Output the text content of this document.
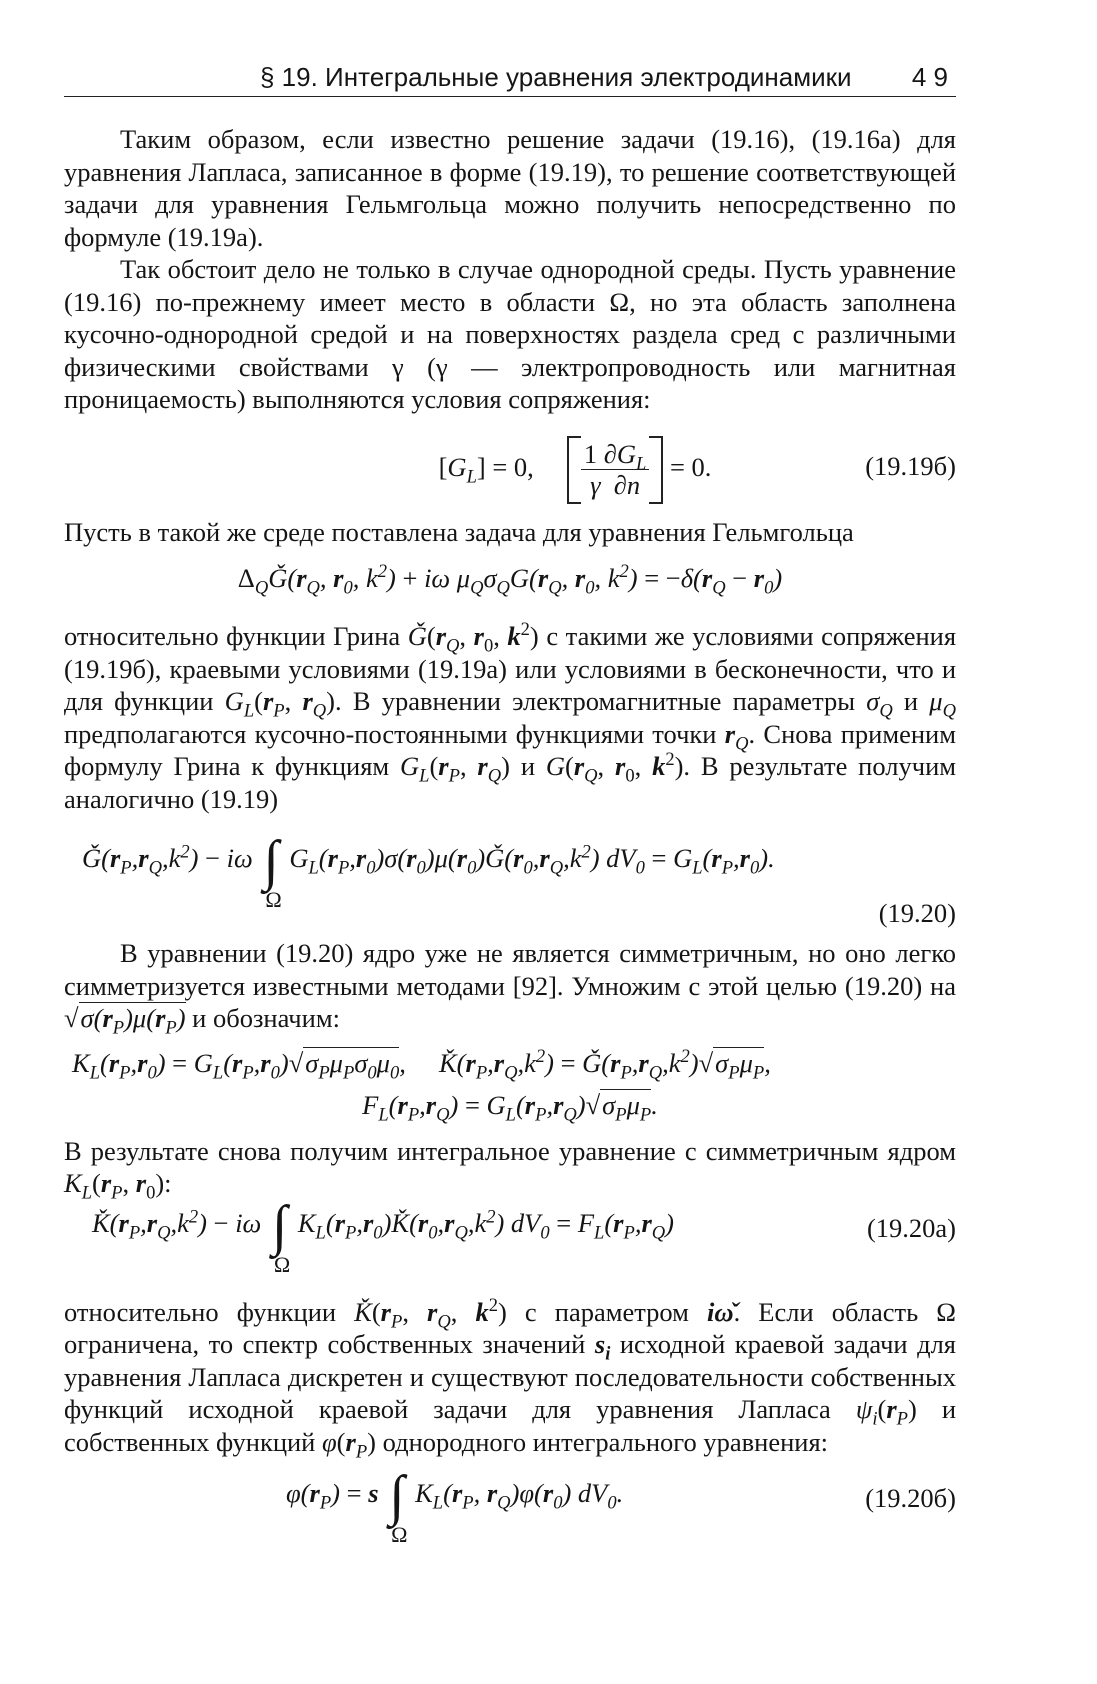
§ 19. Интегральные уравнения электродинамики 4 9

Таким образом, если известно решение задачи (19.16), (19.16а) для уравнения Лапласа, записанное в форме (19.19), то решение соответствующей задачи для уравнения Гельмгольца можно получить непосредственно по формуле (19.19а).

Так обстоит дело не только в случае однородной среды. Пусть уравнение (19.16) по-прежнему имеет место в области Ω, но эта область заполнена кусочно-однородной средой и на поверхностях раздела сред с различными физическими свойствами γ (γ — электропроводность или магнитная проницаемость) выполняются условия сопряжения:

$[G_L] = 0$, $\frac{1 \partial G_L}{\gamma \partial n} = 0$.	(19.19б)

Пусть в такой же среде поставлена задача для уравнения Гельмгольца

$\Delta_QǦ(r_Q$, $r_0$, $k^2) + i\omega$ $\mu_Q\sigma_QG(r_Q$, $r_0$, $k^2) = -\delta(r_Q - r_0)$

относительно функции Грина $Ǧ(r_Q$, $r_0$, $k^2$) с такими же условиями сопряжения (19.19б), краевыми условиями (19.19а) или условиями в бесконечности, что и для функции $G_L(r_P$, $r_Q$). В уравнении электромагнитные параметры $\sigma_Q$ и $\mu_Q$ предполагаются кусочно-постоянными функциями точки $r_Q$. Снова применим формулу Грина к функциям $G_L(r_P$, $r_Q$) и $G(r_Q$, $r_0$, $k^2$). В результате получим аналогично (19.19)

$Ǧ(r_P,r_Q,k^2) - i\omega$ ∫
Ω
$G_L(r_P,r_0)\sigma(r_0)\mu(r_0)Ǧ(r_0,r_Q,k^2) dV_0 = G_L(r_P,r_0)$.
(19.20)

В уравнении (19.20) ядро уже не является симметричным, но оно легко симметризуется известными методами [92]. Умножим с этой целью (19.20) на $√\sigma(r_P)\mu(r_P)$ и обозначим:

$K_L(r_P,r_0) = G_L(r_P,r_0)√\sigma_P\mu_P\sigma_0\mu_0$,     $Ǩ(r_P,r_Q,k^2)$ = $Ǧ(r_P,r_Q,k^2)√\sigma_P\mu_P$,
$F_L(r_P,r_Q) = G_L(r_P,r_Q)√\sigma_P\mu_P$.

В результате снова получим интегральное уравнение с симметричным ядром $K_L(r_P$, $r_0$):

$Ǩ(r_P,r_Q,k^2) - i\omega$ ∫
Ω
$K_L(r_P,r_0)Ǩ(r_0,r_Q,k^2) dV_0 = F_L(r_P,r_Q)$	(19.20а)

относительно функции $Ǩ(r_P$, $r_Q$, $k^2$) с параметром iω̌. Если область Ω ограничена, то спектр собственных значений $s_i$ исходной краевой задачи для уравнения Лапласа дискретен и существуют последовательности собственных функций исходной краевой задачи для уравнения Лапласа $\psi_i(r_P)$ и собственных функций $\varphi(r_P)$ однородного интегрального уравнения:

$\varphi(r_P) = s$ ∫
Ω
$K_L(r_P$, $r_Q)\varphi(r_0)$ $dV_0$.	(19.20б)
